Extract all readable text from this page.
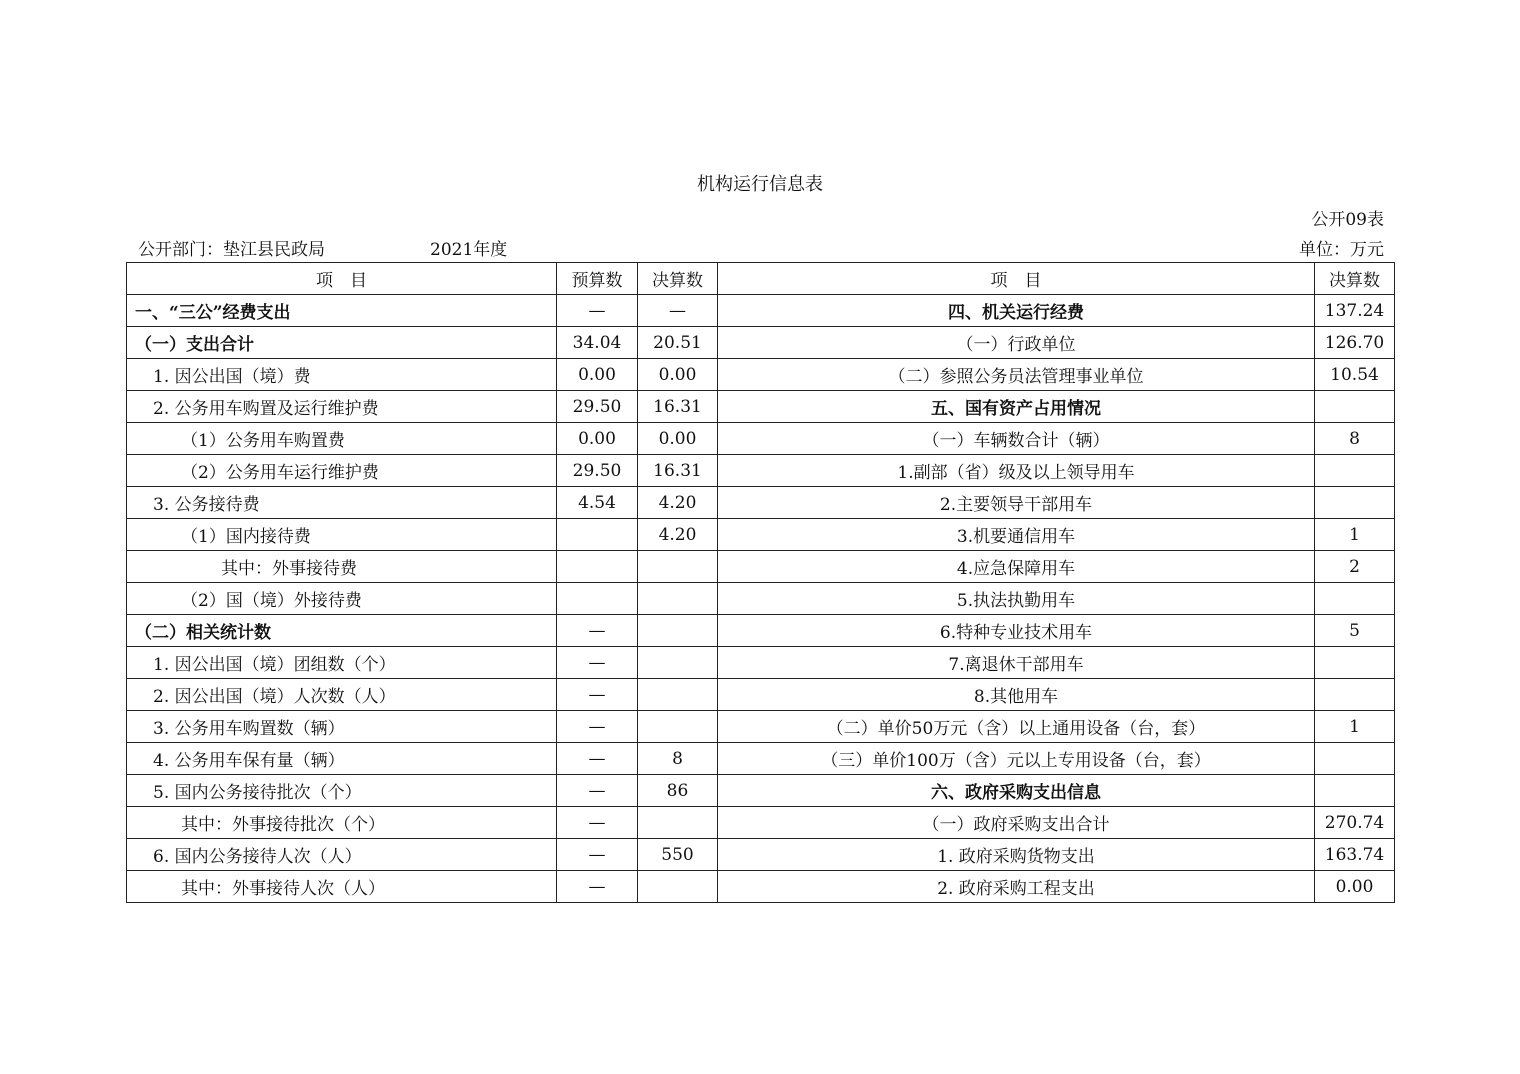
机构运行信息表
公开09表
公开部门：垫江县民政局	2021年度	单位：万元
项　目	预算数	决算数	项　目	决算数
一、“三公”经费支出	—	—	四、机关运行经费	137.24
（一）支出合计	34.04	20.51	（一）行政单位	126.70
1. 因公出国（境）费	0.00	0.00	（二）参照公务员法管理事业单位	10.54
2. 公务用车购置及运行维护费	29.50	16.31	五、国有资产占用情况	
（1）公务用车购置费	0.00	0.00	（一）车辆数合计（辆）	8
（2）公务用车运行维护费	29.50	16.31	1.副部（省）级及以上领导用车	
3. 公务接待费	4.54	4.20	2.主要领导干部用车	
（1）国内接待费		4.20	3.机要通信用车	1
其中：外事接待费			4.应急保障用车	2
（2）国（境）外接待费			5.执法执勤用车	
（二）相关统计数	—		6.特种专业技术用车	5
1. 因公出国（境）团组数（个）	—		7.离退休干部用车	
2. 因公出国（境）人次数（人）	—		8.其他用车	
3. 公务用车购置数（辆）	—		（二）单价50万元（含）以上通用设备（台，套）	1
4. 公务用车保有量（辆）	—	8	（三）单价100万（含）元以上专用设备（台，套）	
5. 国内公务接待批次（个）	—	86	六、政府采购支出信息	
其中：外事接待批次（个）	—		（一）政府采购支出合计	270.74
6. 国内公务接待人次（人）	—	550	1. 政府采购货物支出	163.74
其中：外事接待人次（人）	—		2. 政府采购工程支出	0.00
